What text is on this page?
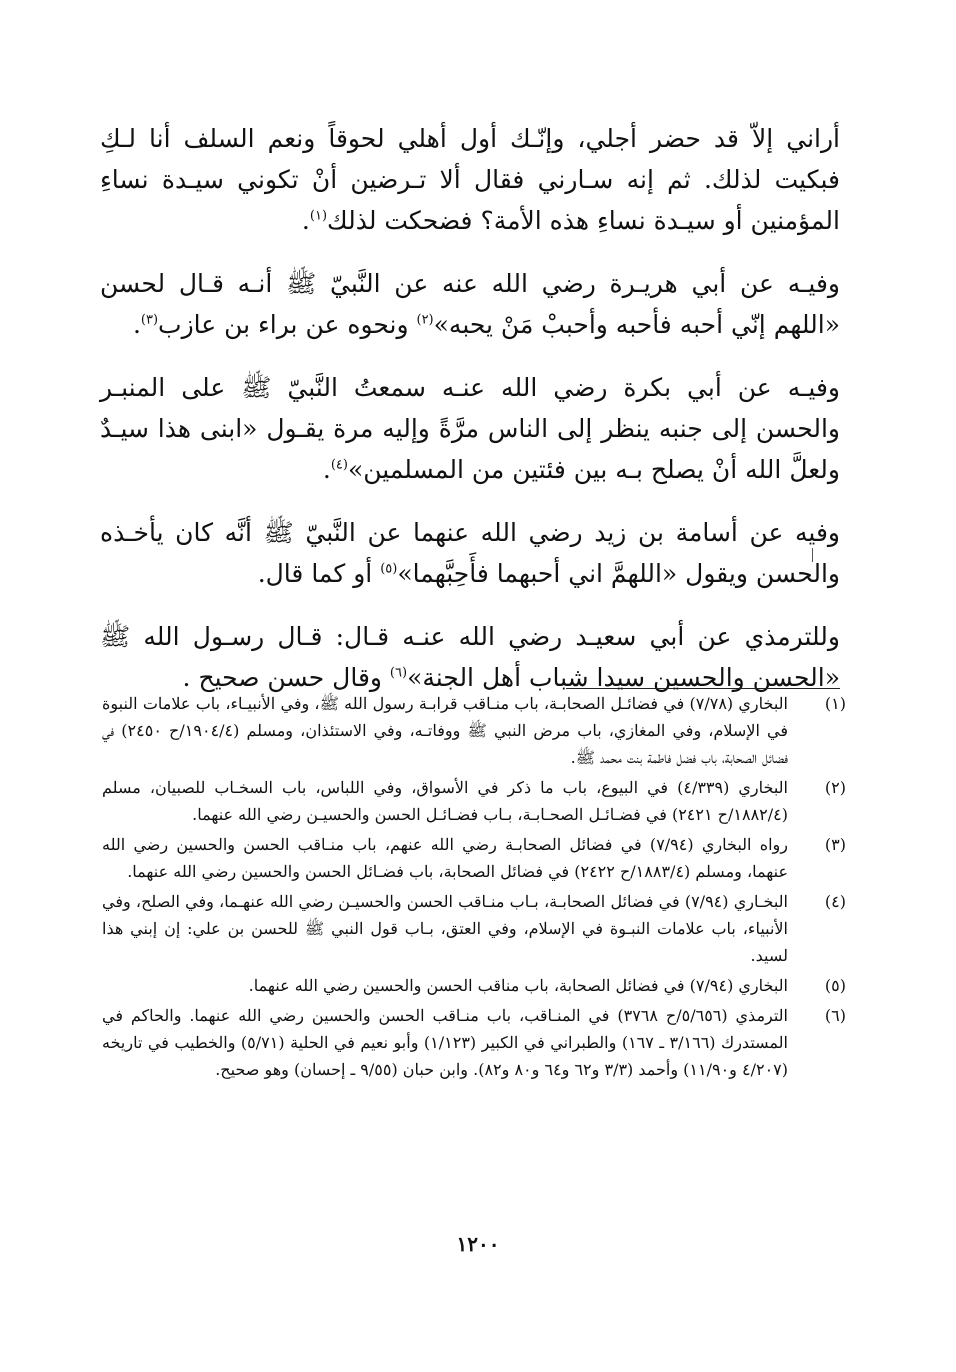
أراني إلاّ قد حضر أجلي، وإنّـك أول أهلي لحوقاً ونعم السلف أنا لـكِ فبكيت لذلك. ثم إنه سـارني فقال ألا تـرضين أنْ تكوني سيـدة نساءِ المؤمنين أو سيـدة نساءِ هذه الأمة؟ فضحكت لذلك$^{(١)}$.

وفيـه عن أبي هريـرة رضي الله عنه عن النَّبيّ ﷺ أنـه قـال لحسن «اللهم إنّي أحبه فأحبه وأحببْ مَنْ يحبه»$^{(٢)}$ ونحوه عن براء بن عازب$^{(٣)}$.

وفيـه عن أبي بكرة رضي الله عنـه سمعتُ النَّبيّ ﷺ على المنبـر والحسن إلى جنبه ينظر إلى الناس مرَّةً وإليه مرة يقـول «ابنى هذا سيـدٌ ولعلَّ الله أنْ يصلح بـه بين فئتين من المسلمين»$^{(٤)}$.

وفيه عن أسامة بن زيد رضي الله عنهما عن النَّبيّ ﷺ أنَّه كان يأخـذه والحسن ويقول «اللهمَّ اني أحبهما فأَحِبَّهما»$^{(٥)}$ أو كما قال.

وللترمذي عن أبي سعيـد رضي الله عنـه قـال: قـال رسـول الله ﷺ «الحسن والحسين سيدا شباب أهل الجنة»$^{(٦)}$ وقال حسن صحيح .

(١)
البخاري (٧/٧٨) في فضائـل الصحابـة، باب منـاقب قرابـة رسول الله ﷺ، وفي الأنبيـاء، باب علامات النبوة في الإسلام، وفي المغازي، باب مرض النبي ﷺ ووفاتـه، وفي الاستئذان، ومسلم (١٩٠٤/٤/ح ٢٤٥٠) في فضائل الصحابة، باب فضل فاطمة بنت محمد ﷺ.
(٢)
البخاري (٤/٣٣٩) في البيوع، باب ما ذكر في الأسواق، وفي اللباس، باب السخـاب للصبيان، مسلم (١٨٨٢/٤/ح ٢٤٢١) في فضـائـل الصحـابـة، بـاب فضـائـل الحسن والحسيـن رضي الله عنهما.
(٣)
رواه البخاري (٧/٩٤) في فضائل الصحابـة رضي الله عنهم، باب منـاقب الحسن والحسين رضي الله عنهما، ومسلم (١٨٨٣/٤/ح ٢٤٢٢) في فضائل الصحابة، باب فضـائل الحسن والحسين رضي الله عنهما.
(٤)
البخـاري (٧/٩٤) في فضائل الصحابـة، بـاب منـاقب الحسن والحسيـن رضي الله عنهـما، وفي الصلح، وفي الأنبياء، باب علامات النبـوة في الإسلام، وفي العتق، بـاب قول النبي ﷺ للحسن بن علي: إن إبني هذا لسيد.
(٥)
البخاري (٧/٩٤) في فضائل الصحابة، باب مناقب الحسن والحسين رضي الله عنهما.
(٦)
الترمذي (٥/٦٥٦/ح ٣٧٦٨) في المنـاقب، باب منـاقب الحسن والحسين رضي الله عنهما. والحاكم في المستدرك (٣/١٦٦ ـ ١٦٧) والطبراني في الكبير (١/١٢٣) وأبو نعيم في الحلية (٥/٧١) والخطيب في تاريخه (٤/٢٠٧ و١١/٩٠) وأحمد (٣/٣ و٦٢ و٦٤ و٨٠ و٨٢). وابن حبان (٩/٥٥ ـ إحسان) وهو صحيح.
١٢٠٠
